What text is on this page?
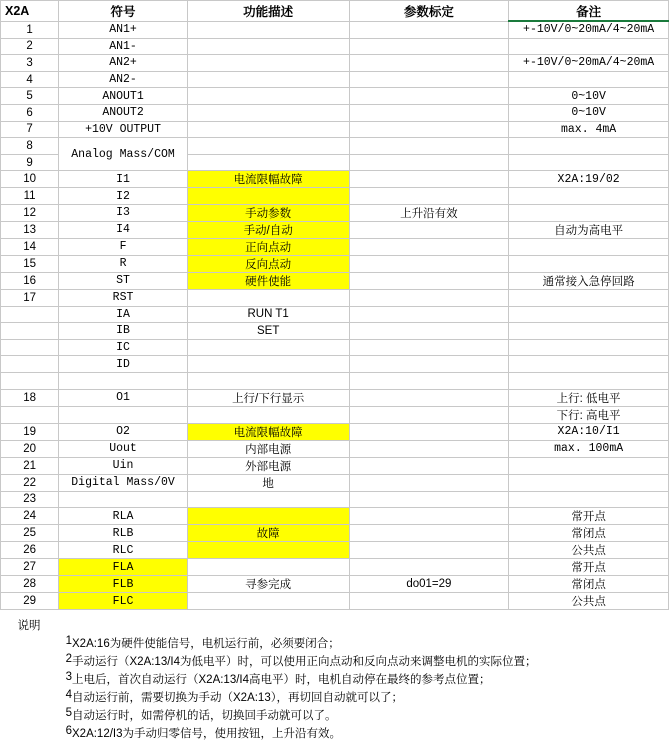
X2A	符号	功能描述	参数标定	备注
1	AN1+			+-10V/0~20mA/4~20mA
2	AN1-			
3	AN2+			+-10V/0~20mA/4~20mA
4	AN2-			
5	ANOUT1			0~10V
6	ANOUT2			0~10V
7	+10V OUTPUT			max. 4mA
8	Analog Mass/COM			
9				
10	I1	电流限幅故障		X2A:19/02
11	I2			
12	I3	手动参数	上升沿有效	
13	I4	手动/自动		自动为高电平
14	F	正向点动		
15	R	反向点动		
16	ST	硬件使能		通常接入急停回路
17	RST			
	IA	RUN T1		
	IB	SET		
	IC			
	ID			

18	O1	上行/下行显示		上行: 低电平
				下行: 高电平
19	O2	电流限幅故障		X2A:10/I1
20	Uout	内部电源		max. 100mA
21	Uin	外部电源		
22	Digital Mass/0V	地		
23				
24	RLA			常开点
25	RLB	故障		常闭点
26	RLC			公共点
27	FLA			常开点
28	FLB	寻参完成	do01=29	常闭点
29	FLC			公共点
说明		
	1	X2A:16为硬件使能信号，电机运行前，必须要闭合；
	2	手动运行（X2A:13/I4为低电平）时，可以使用正向点动和反向点动来调整电机的实际位置；
	3	上电后，首次自动运行（X2A:13/I4高电平）时，电机自动停在最终的参考点位置；
	4	自动运行前，需要切换为手动（X2A:13），再切回自动就可以了；
	5	自动运行时，如需停机的话，切换回手动就可以了。
	6	X2A:12/I3为手动归零信号，使用按钮，上升沿有效。
